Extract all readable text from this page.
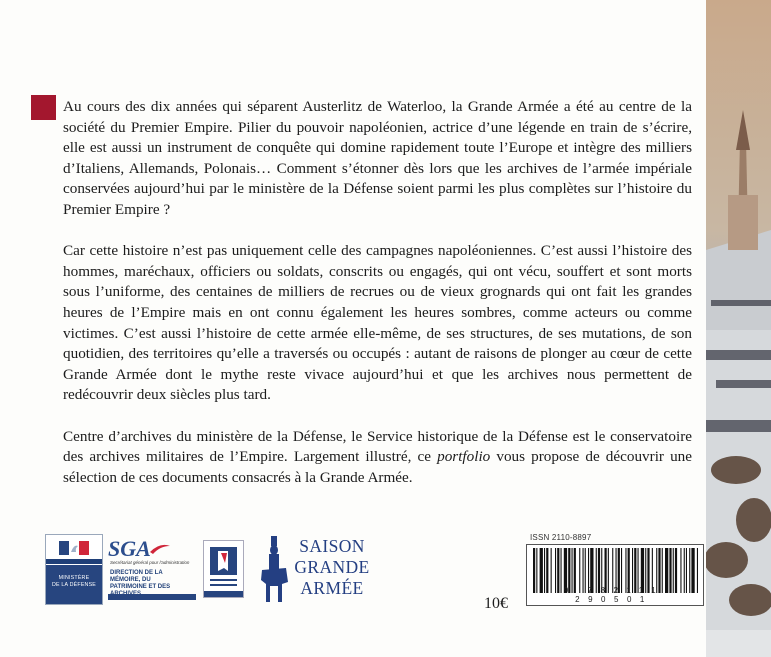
Au cours des dix années qui séparent Austerlitz de Waterloo, la Grande Armée a été au centre de la société du Premier Empire. Pilier du pouvoir napoléonien, actrice d’une légende en train de s’écrire, elle est aussi un instrument de conquête qui domine rapidement toute l’Europe et intègre des milliers d’Italiens, Allemands, Polonais… Comment s’étonner dès lors que les archives de l’armée impériale conservées aujourd’hui par le ministère de la Défense soient parmi les plus complètes sur l’histoire du Premier Empire ?

Car cette histoire n’est pas uniquement celle des campagnes napoléoniennes. C’est aussi l’histoire des hommes, maréchaux, officiers ou soldats, conscrits ou engagés, qui ont vécu, souffert et sont morts sous l’uniforme, des centaines de milliers de recrues ou de vieux grognards qui ont fait les grandes heures de l’Empire mais en ont connu également les heures sombres, comme acteurs ou comme victimes. C’est aussi l’histoire de cette armée elle-même, de ses structures, de ses mutations, de son quotidien, des territoires qu’elle a traversés ou occupés : autant de raisons de plonger au cœur de cette Grande Armée dont le mythe reste vivace aujourd’hui et que les archives nous permettent de redécouvrir deux siècles plus tard.

Centre d’archives du ministère de la Défense, le Service historique de la Défense est le conservatoire des archives militaires de l’Empire. Largement illustré, ce portfolio vous propose de découvrir une sélection de ces documents consacrés à la Grande Armée.

MINISTÈRE
DE LA DÉFENSE
SGA
Secrétariat général pour l'administration
DIRECTION DE LA MÉMOIRE, DU
PATRIMOINE ET DES
SAISON
GRANDE
ARMÉE
10€
ISSN 2110-8897
9 782111 290501
